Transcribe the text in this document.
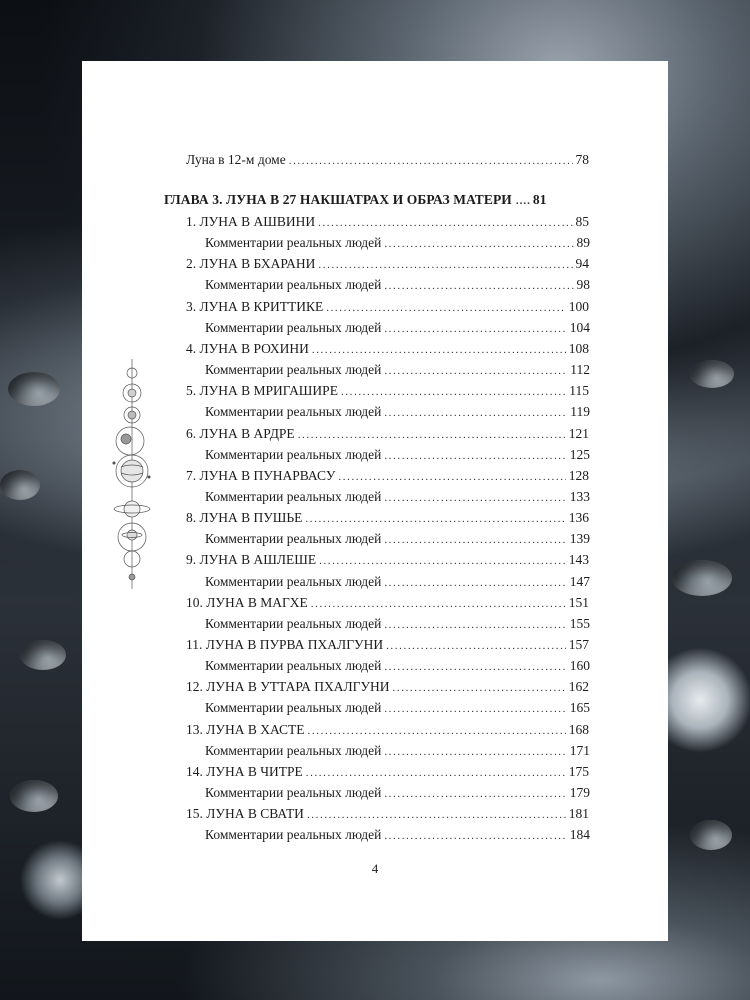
Луна в 12-м доме .....	78
ГЛАВА 3. ЛУНА В 27 НАКШАТРАХ И ОБРАЗ МАТЕРИ .... 81
1. ЛУНА В АШВИНИ .....	85
Комментарии реальных людей .....	89
2. ЛУНА В БХАРАНИ .....	94
Комментарии реальных людей .....	98
3. ЛУНА В КРИТТИКЕ .....	100
Комментарии реальных людей .....	104
4. ЛУНА В РОХИНИ .....	108
Комментарии реальных людей .....	112
5. ЛУНА В МРИГАШИРЕ .....	115
Комментарии реальных людей .....	119
6. ЛУНА В АРДРЕ .....	121
Комментарии реальных людей .....	125
7. ЛУНА В ПУНАРВАСУ .....	128
Комментарии реальных людей .....	133
8. ЛУНА В ПУШЬЕ .....	136
Комментарии реальных людей .....	139
9. ЛУНА В АШЛЕШЕ .....	143
Комментарии реальных людей .....	147
10. ЛУНА В МАГХЕ .....	151
Комментарии реальных людей .....	155
11. ЛУНА В ПУРВА ПХАЛГУНИ .....	157
Комментарии реальных людей .....	160
12. ЛУНА В УТТАРА ПХАЛГУНИ .....	162
Комментарии реальных людей .....	165
13. ЛУНА В ХАСТЕ .....	168
Комментарии реальных людей .....	171
14. ЛУНА В ЧИТРЕ .....	175
Комментарии реальных людей .....	179
15. ЛУНА В СВАТИ .....	181
Комментарии реальных людей .....	184
4
